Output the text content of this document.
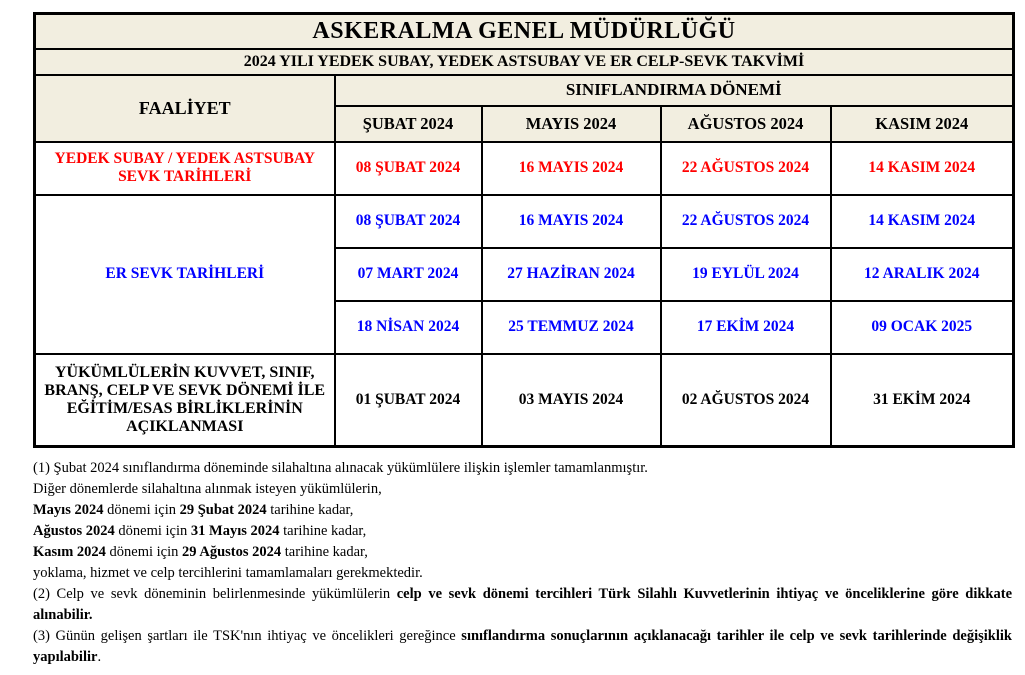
ASKERALMA GENEL MÜDÜRLÜĞÜ				
2024 YILI YEDEK SUBAY, YEDEK ASTSUBAY VE ER CELP-SEVK TAKVİMİ				
FAALİYET	SINIFLANDIRMA DÖNEMİ			
	ŞUBAT 2024	MAYIS 2024	AĞUSTOS 2024	KASIM 2024
YEDEK SUBAY / YEDEK ASTSUBAY SEVK TARİHLERİ	08 ŞUBAT 2024	16 MAYIS 2024	22 AĞUSTOS 2024	14 KASIM 2024
ER SEVK TARİHLERİ	08 ŞUBAT 2024	16 MAYIS 2024	22 AĞUSTOS 2024	14 KASIM 2024
	07 MART 2024	27 HAZİRAN 2024	19 EYLÜL 2024	12 ARALIK 2024
	18 NİSAN 2024	25 TEMMUZ 2024	17 EKİM 2024	09 OCAK 2025
YÜKÜMLÜLERİN KUVVET, SINIF, BRANŞ, CELP VE SEVK DÖNEMİ İLE EĞİTİM/ESAS BİRLİKLERİNİN AÇIKLANMASI	01 ŞUBAT 2024	03 MAYIS 2024	02 AĞUSTOS 2024	31 EKİM 2024
(1) Şubat 2024 sınıflandırma döneminde silahaltına alınacak yükümlülere ilişkin işlemler tamamlanmıştır.
Diğer dönemlerde silahaltına alınmak isteyen yükümlülerin,
Mayıs 2024 dönemi için 29 Şubat 2024 tarihine kadar,
Ağustos 2024 dönemi için 31 Mayıs 2024 tarihine kadar,
Kasım 2024 dönemi için 29 Ağustos 2024 tarihine kadar,
yoklama, hizmet ve celp tercihlerini tamamlamaları gerekmektedir.
(2) Celp ve sevk döneminin belirlenmesinde yükümlülerin celp ve sevk dönemi tercihleri Türk Silahlı Kuvvetlerinin ihtiyaç ve önceliklerine göre dikkate alınabilir.
(3) Günün gelişen şartları ile TSK'nın ihtiyaç ve öncelikleri gereğince sınıflandırma sonuçlarının açıklanacağı tarihler ile celp ve sevk tarihlerinde değişiklik yapılabilir.
